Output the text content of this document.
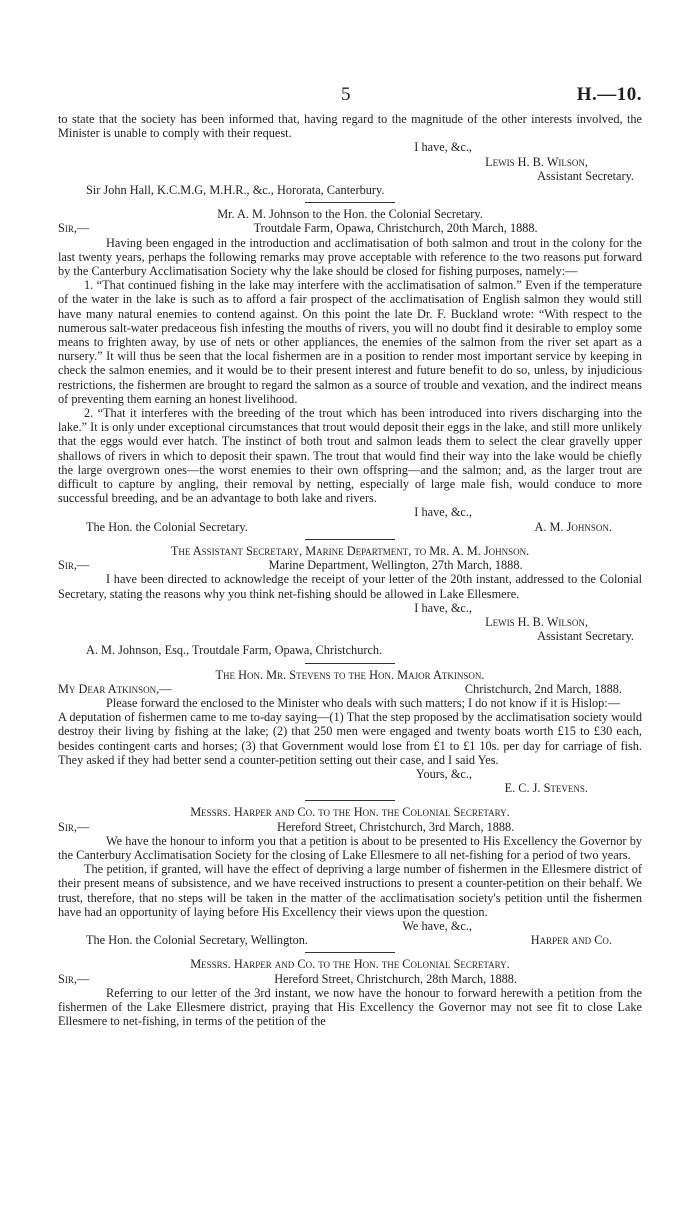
5	H.—10.

to state that the society has been informed that, having regard to the magnitude of the other interests involved, the Minister is unable to comply with their request.

I have, &c.,
Lewis H. B. Wilson,
Assistant Secretary.
Sir John Hall, K.C.M.G, M.H.R., &c., Hororata, Canterbury.
Mr. A. M. Johnson to the Hon. the Colonial Secretary.
Sir,—	Troutdale Farm, Opawa, Christchurch, 20th March, 1888.

Having been engaged in the introduction and acclimatisation of both salmon and trout in the colony for the last twenty years, perhaps the following remarks may prove acceptable with reference to the two reasons put forward by the Canterbury Acclimatisation Society why the lake should be closed for fishing purposes, namely:—

1. “That continued fishing in the lake may interfere with the acclimatisation of salmon.” Even if the temperature of the water in the lake is such as to afford a fair prospect of the acclimatisation of English salmon they would still have many natural enemies to contend against. On this point the late Dr. F. Buckland wrote: “With respect to the numerous salt-water predaceous fish infesting the mouths of rivers, you will no doubt find it desirable to employ some means to frighten away, by use of nets or other appliances, the enemies of the salmon from the river set apart as a nursery.” It will thus be seen that the local fishermen are in a position to render most important service by keeping in check the salmon enemies, and it would be to their present interest and future benefit to do so, unless, by injudicious restrictions, the fishermen are brought to regard the salmon as a source of trouble and vexation, and the indirect means of preventing them earning an honest livelihood.

2. “That it interferes with the breeding of the trout which has been introduced into rivers discharging into the lake.” It is only under exceptional circumstances that trout would deposit their eggs in the lake, and still more unlikely that the eggs would ever hatch. The instinct of both trout and salmon leads them to select the clear gravelly upper shallows of rivers in which to deposit their spawn. The trout that would find their way into the lake would be chiefly the large overgrown ones—the worst enemies to their own offspring—and the salmon; and, as the larger trout are difficult to capture by angling, their removal by netting, especially of large male fish, would conduce to more successful breeding, and be an advantage to both lake and rivers.

I have, &c.,
The Hon. the Colonial Secretary.	A. M. Johnson.
The Assistant Secretary, Marine Department, to Mr. A. M. Johnson.
Sir,—	Marine Department, Wellington, 27th March, 1888.

I have been directed to acknowledge the receipt of your letter of the 20th instant, addressed to the Colonial Secretary, stating the reasons why you think net-fishing should be allowed in Lake Ellesmere.

I have, &c.,
Lewis H. B. Wilson,
Assistant Secretary.
A. M. Johnson, Esq., Troutdale Farm, Opawa, Christchurch.
The Hon. Mr. Stevens to the Hon. Major Atkinson.
My Dear Atkinson,—	Christchurch, 2nd March, 1888.

Please forward the enclosed to the Minister who deals with such matters; I do not know if it is Hislop:—

A deputation of fishermen came to me to-day saying—(1) That the step proposed by the acclimatisation society would destroy their living by fishing at the lake; (2) that 250 men were engaged and twenty boats worth £15 to £30 each, besides contingent carts and horses; (3) that Government would lose from £1 to £1 10s. per day for carriage of fish. They asked if they had better send a counter-petition setting out their case, and I said Yes.

Yours, &c.,
E. C. J. Stevens.
Messrs. Harper and Co. to the Hon. the Colonial Secretary.
Sir,—	Hereford Street, Christchurch, 3rd March, 1888.

We have the honour to inform you that a petition is about to be presented to His Excellency the Governor by the Canterbury Acclimatisation Society for the closing of Lake Ellesmere to all net-fishing for a period of two years.

The petition, if granted, will have the effect of depriving a large number of fishermen in the Ellesmere district of their present means of subsistence, and we have received instructions to present a counter-petition on their behalf. We trust, therefore, that no steps will be taken in the matter of the acclimatisation society's petition until the fishermen have had an opportunity of laying before His Excellency their views upon the question.

We have, &c.,
The Hon. the Colonial Secretary, Wellington.	Harper and Co.
Messrs. Harper and Co. to the Hon. the Colonial Secretary.
Sir,—	Hereford Street, Christchurch, 28th March, 1888.

Referring to our letter of the 3rd instant, we now have the honour to forward herewith a petition from the fishermen of the Lake Ellesmere district, praying that His Excellency the Governor may not see fit to close Lake Ellesmere to net-fishing, in terms of the petition of the
